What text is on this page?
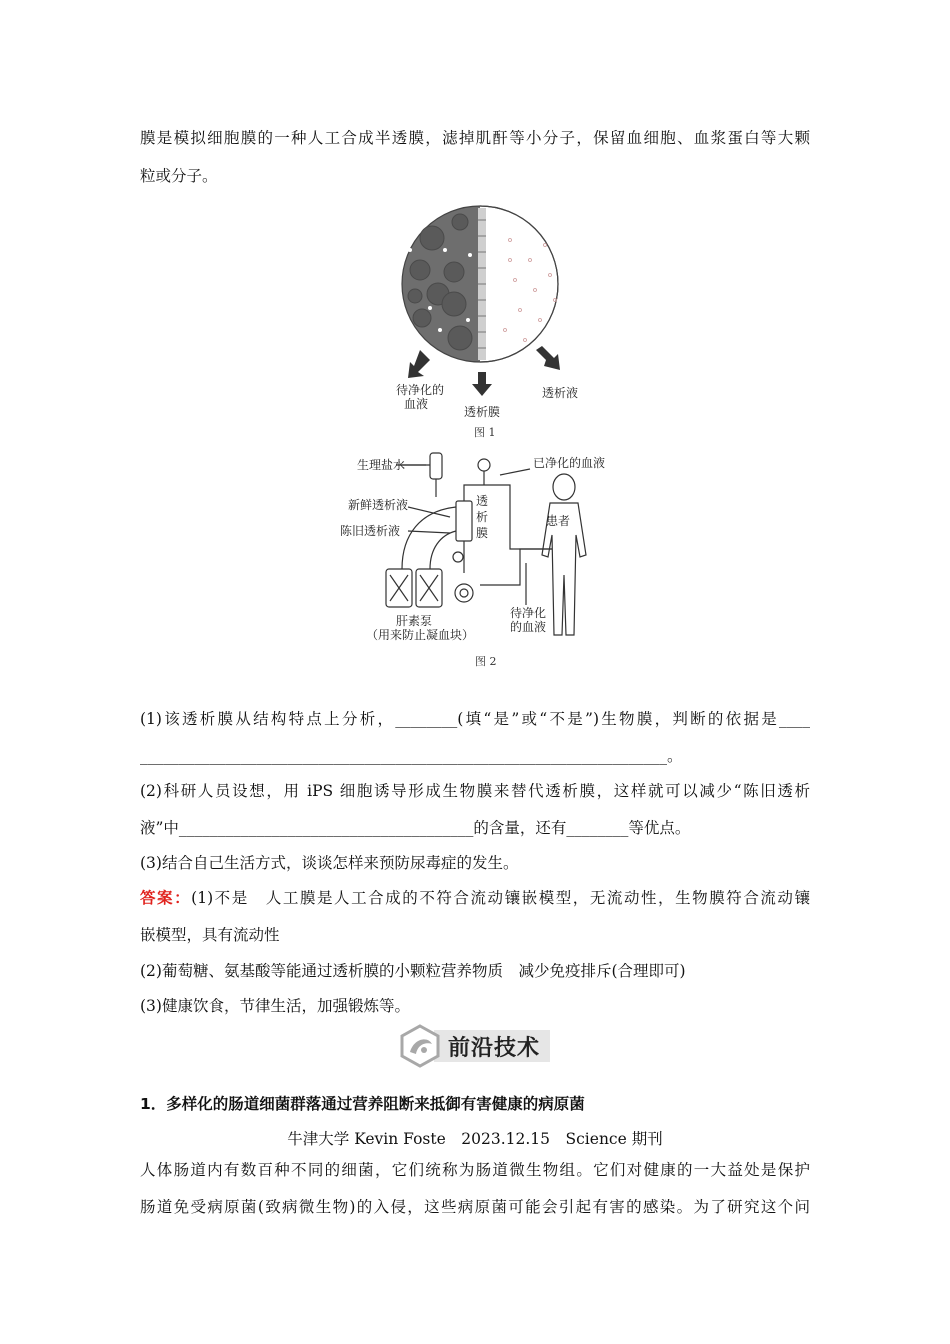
膜是模拟细胞膜的一种人工合成半透膜，滤掉肌酐等小分子，保留血细胞、血浆蛋白等大颗
粒或分子。
待净化的
血液
透析膜
透析液
图 1
生理盐水	已净化的血液
新鲜透析液
陈旧透析液
透
析
膜
患者
肝素泵
（用来防止凝血块）
待净化
的血液
图 2
(1)该透析膜从结构特点上分析，________(填“是”或“不是”)生物膜，判断的依据是____
____________________________________________________________________。
(2)科研人员设想，用 iPS 细胞诱导形成生物膜来替代透析膜，这样就可以减少“陈旧透析
液”中______________________________________的含量，还有________等优点。
(3)结合自己生活方式，谈谈怎样来预防尿毒症的发生。
答案：(1)不是　人工膜是人工合成的不符合流动镶嵌模型，无流动性，生物膜符合流动镶
嵌模型，具有流动性
(2)葡萄糖、氨基酸等能通过透析膜的小颗粒营养物质　减少免疫排斥(合理即可)
(3)健康饮食，节律生活，加强锻炼等。
前沿技术
1．多样化的肠道细菌群落通过营养阻断来抵御有害健康的病原菌
牛津大学 Kevin Foste　2023.12.15　Science 期刊
人体肠道内有数百种不同的细菌，它们统称为肠道微生物组。它们对健康的一大益处是保护
肠道免受病原菌(致病微生物)的入侵，这些病原菌可能会引起有害的感染。为了研究这个问
